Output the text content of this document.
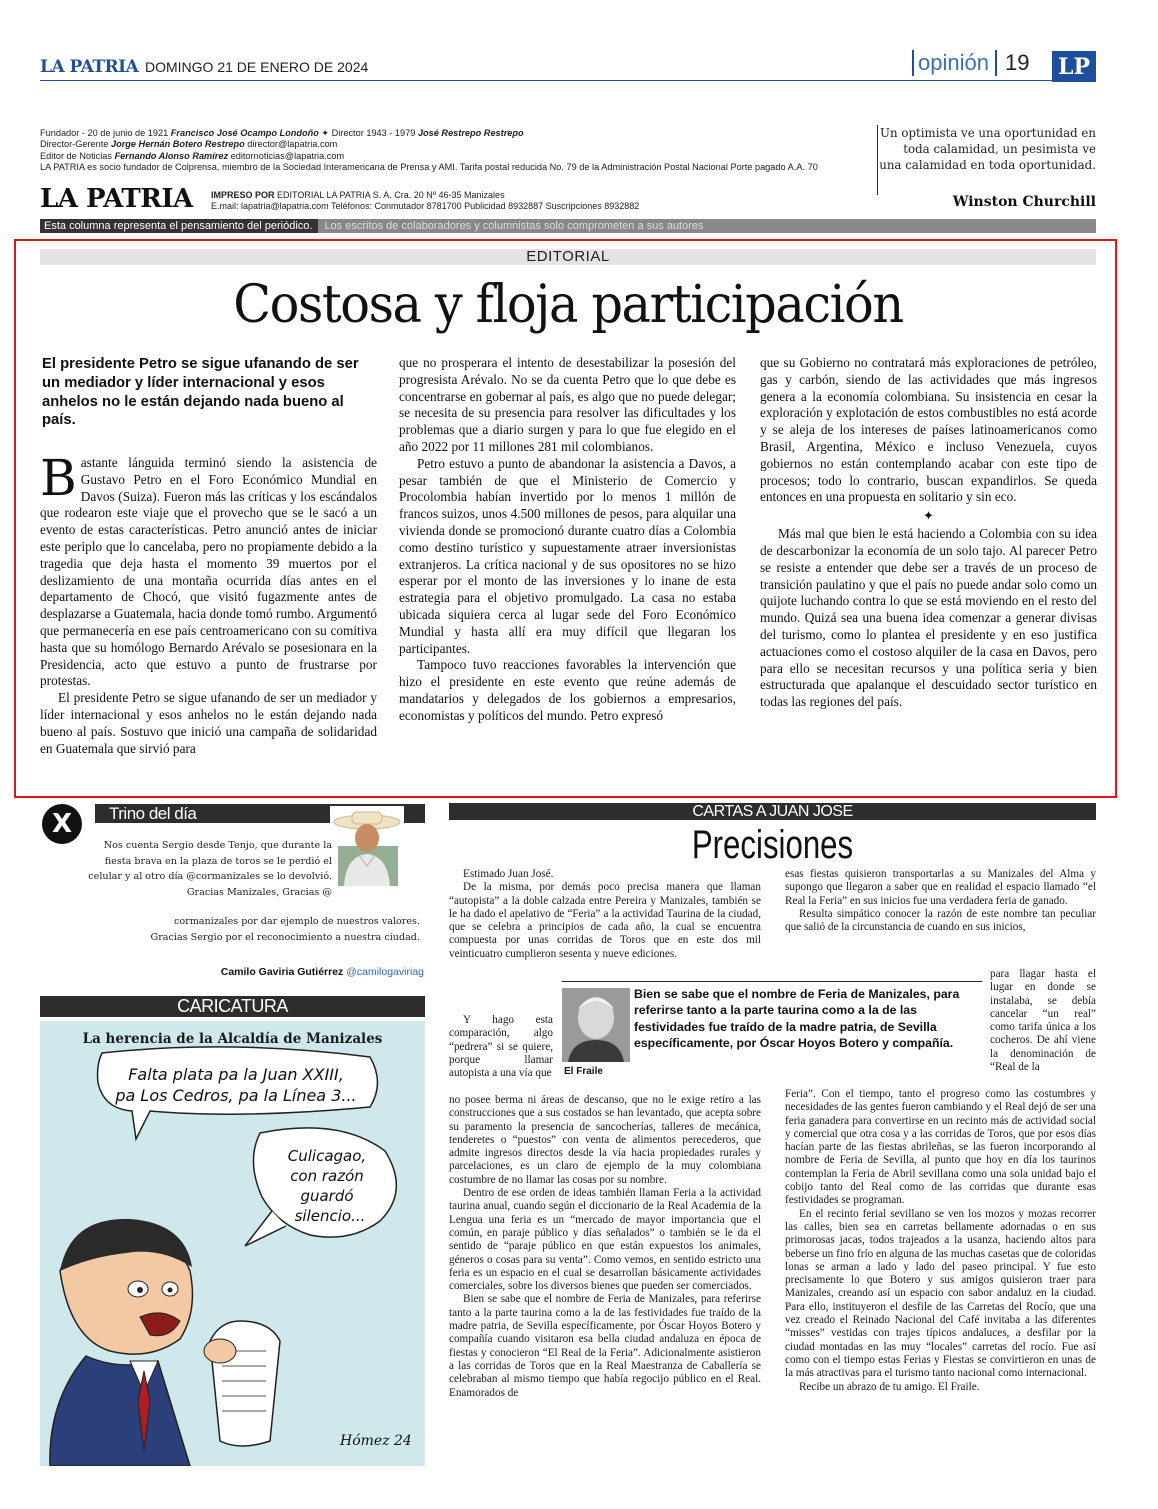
LA PATRIA DOMINGO 21 DE ENERO DE 2024	opinión 19	LP
Fundador - 20 de junio de 1921 Francisco José Ocampo Londoño ✦ Director 1943 - 1979 José Restrepo Restrepo
Director-Gerente Jorge Hernán Botero Restrepo director@lapatria.com
Editor de Noticias Fernando Alonso Ramírez editornoticias@lapatria.com
LA PATRIA es socio fundador de Colprensa, miembro de la Sociedad Interamericana de Prensa y AMI. Tarifa postal reducida No. 79 de la Administración Postal Nacional Porte pagado A.A. 70
LA PATRIA IMPRESO POR EDITORIAL LA PATRIA S. A. Cra. 20 Nº 46-35 Manizales
E.mail: lapatria@lapatria.com Teléfonos: Conmutador 8781700 Publicidad 8932887 Suscripciones 8932882

Un optimista ve una oportunidad en toda calamidad, un pesimista ve una calamidad en toda oportunidad.

Winston Churchill
Esta columna representa el pensamiento del periódico.	Los escritos de colaboradores y columnistas solo comprometen a sus autores
EDITORIAL
Costosa y floja participación
El presidente Petro se sigue ufanando de ser un mediador y líder internacional y esos anhelos no le están dejando nada bueno al país.

Bastante lánguida terminó siendo la asistencia de Gustavo Petro en el Foro Económico Mundial en Davos (Suiza). Fueron más las críticas y los escándalos que rodearon este viaje que el provecho que se le sacó a un evento de estas características. Petro anunció antes de iniciar este periplo que lo cancelaba, pero no propiamente debido a la tragedia que deja hasta el momento 39 muertos por el deslizamiento de una montaña ocurrida días antes en el departamento de Chocó, que visitó fugazmente antes de desplazarse a Guatemala, hacia donde tomó rumbo. Argumentó que permanecería en ese país centroamericano con su comitiva hasta que su homólogo Bernardo Arévalo se posesionara en la Presidencia, acto que estuvo a punto de frustrarse por protestas.

El presidente Petro se sigue ufanando de ser un mediador y líder internacional y esos anhelos no le están dejando nada bueno al país. Sostuvo que inició una campaña de solidaridad en Guatemala que sirvió para

que no prosperara el intento de desestabilizar la posesión del progresista Arévalo. No se da cuenta Petro que lo que debe es concentrarse en gobernar al país, es algo que no puede delegar; se necesita de su presencia para resolver las dificultades y los problemas que a diario surgen y para lo que fue elegido en el año 2022 por 11 millones 281 mil colombianos.

Petro estuvo a punto de abandonar la asistencia a Davos, a pesar también de que el Ministerio de Comercio y Procolombia habían invertido por lo menos 1 millón de francos suizos, unos 4.500 millones de pesos, para alquilar una vivienda donde se promocionó durante cuatro días a Colombia como destino turístico y supuestamente atraer inversionistas extranjeros. La crítica nacional y de sus opositores no se hizo esperar por el monto de las inversiones y lo inane de esta estrategia para el objetivo promulgado. La casa no estaba ubicada siquiera cerca al lugar sede del Foro Económico Mundial y hasta allí era muy difícil que llegaran los participantes.

Tampoco tuvo reacciones favorables la intervención que hizo el presidente en este evento que reúne además de mandatarios y delegados de los gobiernos a empresarios, economistas y políticos del mundo. Petro expresó

que su Gobierno no contratará más exploraciones de petróleo, gas y carbón, siendo de las actividades que más ingresos genera a la economía colombiana. Su insistencia en cesar la exploración y explotación de estos combustibles no está acorde y se aleja de los intereses de países latinoamericanos como Brasil, Argentina, México e incluso Venezuela, cuyos gobiernos no están contemplando acabar con este tipo de procesos; todo lo contrario, buscan expandirlos. Se queda entonces en una propuesta en solitario y sin eco.

✦

Más mal que bien le está haciendo a Colombia con su idea de descarbonizar la economía de un solo tajo. Al parecer Petro se resiste a entender que debe ser a través de un proceso de transición paulatino y que el país no puede andar solo como un quijote luchando contra lo que se está moviendo en el resto del mundo. Quizá sea una buena idea comenzar a generar divisas del turismo, como lo plantea el presidente y en eso justifica actuaciones como el costoso alquiler de la casa en Davos, pero para ello se necesitan recursos y una política seria y bien estructurada que apalanque el descuidado sector turístico en todas las regiones del país.

X	Trino del día
Nos cuenta Sergio desde Tenjo, que durante la fiesta brava en la plaza de toros se le perdió el celular y al otro día @cormanizales se lo devolvió. Gracias Manizales, Gracias @
cormanizales por dar ejemplo de nuestros valores.
Gracias Sergio por el reconocimiento a nuestra ciudad.
Camilo Gaviria Gutiérrez @camilogaviriag
CARICATURA
La herencia de la Alcaldía de Manizales
Falta plata pa la Juan XXIII,
pa Los Cedros, pa la Línea 3...
Culicagao,
con razón
guardó
silencio...
Hómez 24
CARTAS A JUAN JOSE
Precisiones

Estimado Juan José.

De la misma, por demás poco precisa manera que llaman “autopista” a la doble calzada entre Pereira y Manizales, también se le ha dado el apelativo de “Feria” a la actividad Taurina de la ciudad, que se celebra a principios de cada año, la cual se encuentra compuesta por unas corridas de Toros que en este dos mil veinticuatro cumplieron sesenta y nueve ediciones.

Y hago esta comparación, algo “pedrera” si se quiere, porque llamar autopista a una vía que

no posee berma ni áreas de descanso, que no le exige retiro a las construcciones que a sus costados se han levantado, que acepta sobre su paramento la presencia de sancocherías, talleres de mecánica, tenderetes o “puestos” con venta de alimentos perecederos, que admite ingresos directos desde la vía hacia propiedades rurales y parcelaciones, es un claro de ejemplo de la muy colombiana costumbre de no llamar las cosas por su nombre.

Dentro de ese orden de ideas también llaman Feria a la actividad taurina anual, cuando según el diccionario de la Real Academia de la Lengua una feria es un “mercado de mayor importancia que el común, en paraje público y días señalados” o también se le da el sentido de “paraje público en que están expuestos los animales, géneros o cosas para su venta”. Como vemos, en sentido estricto una feria es un espacio en el cual se desarrollan básicamente actividades comerciales, sobre los diversos bienes que pueden ser comerciados.

Bien se sabe que el nombre de Feria de Manizales, para referirse tanto a la parte taurina como a la de las festividades fue traído de la madre patria, de Sevilla específicamente, por Óscar Hoyos Botero y compañía cuando visitaron esa bella ciudad andaluza en época de fiestas y conocieron “El Real de la Feria”. Adicionalmente asistieron a las corridas de Toros que en la Real Maestranza de Caballería se celebraban al mismo tiempo que había regocijo público en el Real. Enamorados de

esas fiestas quisieron transportarlas a su Manizales del Alma y supongo que llegaron a saber que en realidad el espacio llamado “el Real la Feria” en sus inicios fue una verdadera feria de ganado.

Resulta simpático conocer la razón de este nombre tan peculiar que salió de la circunstancia de cuando en sus inicios,

para llagar hasta el lugar en donde se instalaba, se debía cancelar “un real” como tarifa única a los cocheros. De ahí viene la denominación de “Real de la

Feria”. Con el tiempo, tanto el progreso como las costumbres y necesidades de las gentes fueron cambiando y el Real dejó de ser una feria ganadera para convertirse en un recinto más de actividad social y comercial que otra cosa y a las corridas de Toros, que por esos días hacían parte de las fiestas abrileñas, se las fueron incorporando al nombre de Feria de Sevilla, al punto que hoy en día los taurinos contemplan la Feria de Abril sevillana como una sola unidad bajo el cobijo tanto del Real como de las corridas que durante esas festividades se programan.

En el recinto ferial sevillano se ven los mozos y mozas recorrer las calles, bien sea en carretas bellamente adornadas o en sus primorosas jacas, todos trajeados a la usanza, haciendo altos para beberse un fino frío en alguna de las muchas casetas que de coloridas lonas se arman a lado y lado del paseo principal. Y fue esto precisamente lo que Botero y sus amigos quisieron traer para Manizales, creando así un espacio con sabor andaluz en la ciudad. Para ello, instituyeron el desfile de las Carretas del Rocío, que una vez creado el Reinado Nacional del Café invitaba a las diferentes “misses” vestidas con trajes típicos andaluces, a desfilar por la ciudad montadas en las muy “locales” carretas del rocío. Fue así como con el tiempo estas Ferias y Fiestas se convirtieron en unas de la más atractivas para el turismo tanto nacional como internacional.

Recibe un abrazo de tu amigo. El Fraile.

El Fraile
Bien se sabe que el nombre de Feria de Manizales, para referirse tanto a la parte taurina como a la de las festividades fue traído de la madre patria, de Sevilla específicamente, por Óscar Hoyos Botero y compañía.
